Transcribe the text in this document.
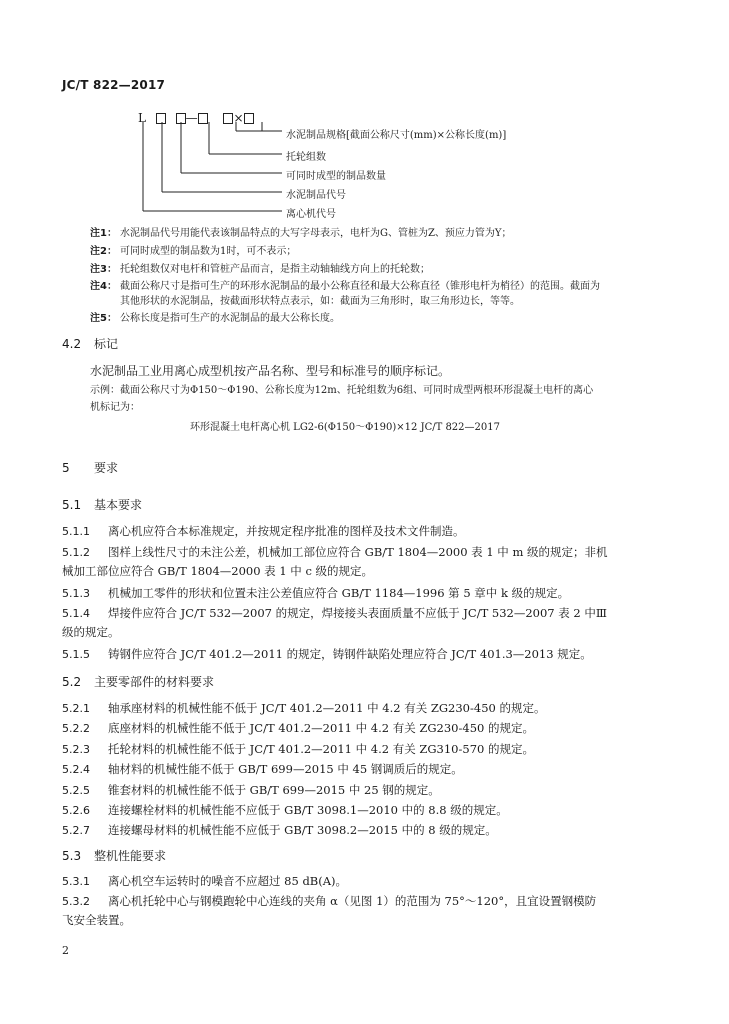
JC/T 822—2017
L	—	×
水泥制品规格[截面公称尺寸(mm)×公称长度(m)]
托轮组数
可同时成型的制品数量
水泥制品代号
离心机代号
注1： 水泥制品代号用能代表该制品特点的大写字母表示，电杆为G、管桩为Z、预应力管为Y；
注2： 可同时成型的制品数为1时，可不表示；
注3： 托轮组数仅对电杆和管桩产品而言，是指主动轴轴线方向上的托轮数；
注4： 截面公称尺寸是指可生产的环形水泥制品的最小公称直径和最大公称直径（锥形电杆为梢径）的范围。截面为
其他形状的水泥制品，按截面形状特点表示，如：截面为三角形时，取三角形边长，等等。
注5： 公称长度是指可生产的水泥制品的最大公称长度。
4.2 标记
水泥制品工业用离心成型机按产品名称、型号和标准号的顺序标记。
示例：截面公称尺寸为Φ150～Φ190、公称长度为12m、托轮组数为6组、可同时成型两根环形混凝土电杆的离心
机标记为：
环形混凝土电杆离心机 LG2-6(Φ150～Φ190)×12 JC/T 822—2017
5 要求
5.1 基本要求
5.1.1 离心机应符合本标准规定，并按规定程序批准的图样及技术文件制造。
5.1.2 图样上线性尺寸的未注公差，机械加工部位应符合 GB/T 1804—2000 表 1 中 m 级的规定；非机
械加工部位应符合 GB/T 1804—2000 表 1 中 c 级的规定。
5.1.3 机械加工零件的形状和位置未注公差值应符合 GB/T 1184—1996 第 5 章中 k 级的规定。
5.1.4 焊接件应符合 JC/T 532—2007 的规定，焊接接头表面质量不应低于 JC/T 532—2007 表 2 中Ⅲ
级的规定。
5.1.5 铸钢件应符合 JC/T 401.2—2011 的规定，铸钢件缺陷处理应符合 JC/T 401.3—2013 规定。
5.2 主要零部件的材料要求
5.2.1 轴承座材料的机械性能不低于 JC/T 401.2—2011 中 4.2 有关 ZG230-450 的规定。
5.2.2 底座材料的机械性能不低于 JC/T 401.2—2011 中 4.2 有关 ZG230-450 的规定。
5.2.3 托轮材料的机械性能不低于 JC/T 401.2—2011 中 4.2 有关 ZG310-570 的规定。
5.2.4 轴材料的机械性能不低于 GB/T 699—2015 中 45 钢调质后的规定。
5.2.5 锥套材料的机械性能不低于 GB/T 699—2015 中 25 钢的规定。
5.2.6 连接螺栓材料的机械性能不应低于 GB/T 3098.1—2010 中的 8.8 级的规定。
5.2.7 连接螺母材料的机械性能不应低于 GB/T 3098.2—2015 中的 8 级的规定。
5.3 整机性能要求
5.3.1 离心机空车运转时的噪音不应超过 85 dB(A)。
5.3.2 离心机托轮中心与钢模跑轮中心连线的夹角 α（见图 1）的范围为 75°～120°，且宜设置钢模防
飞安全装置。
2
